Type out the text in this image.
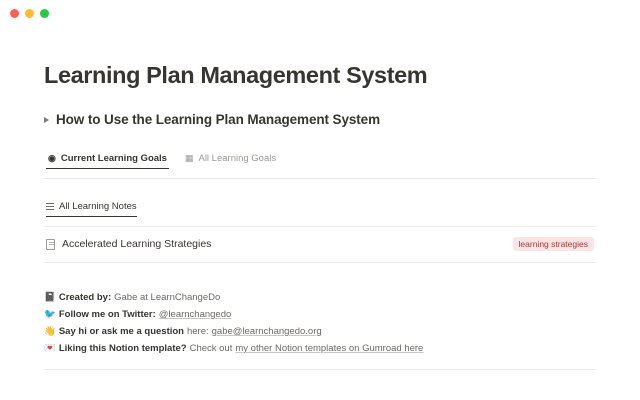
Learning Plan Management System
How to Use the Learning Plan Management System
◉ Current Learning Goals ▦ All Learning Goals
All Learning Notes
Accelerated Learning Strategies	learning strategies
📓 Created by: Gabe at LearnChangeDo
🐦 Follow me on Twitter: @learnchangedo
👋 Say hi or ask me a question here: gabe@learnchangedo.org
💌 Liking this Notion template? Check out my other Notion templates on Gumroad here
